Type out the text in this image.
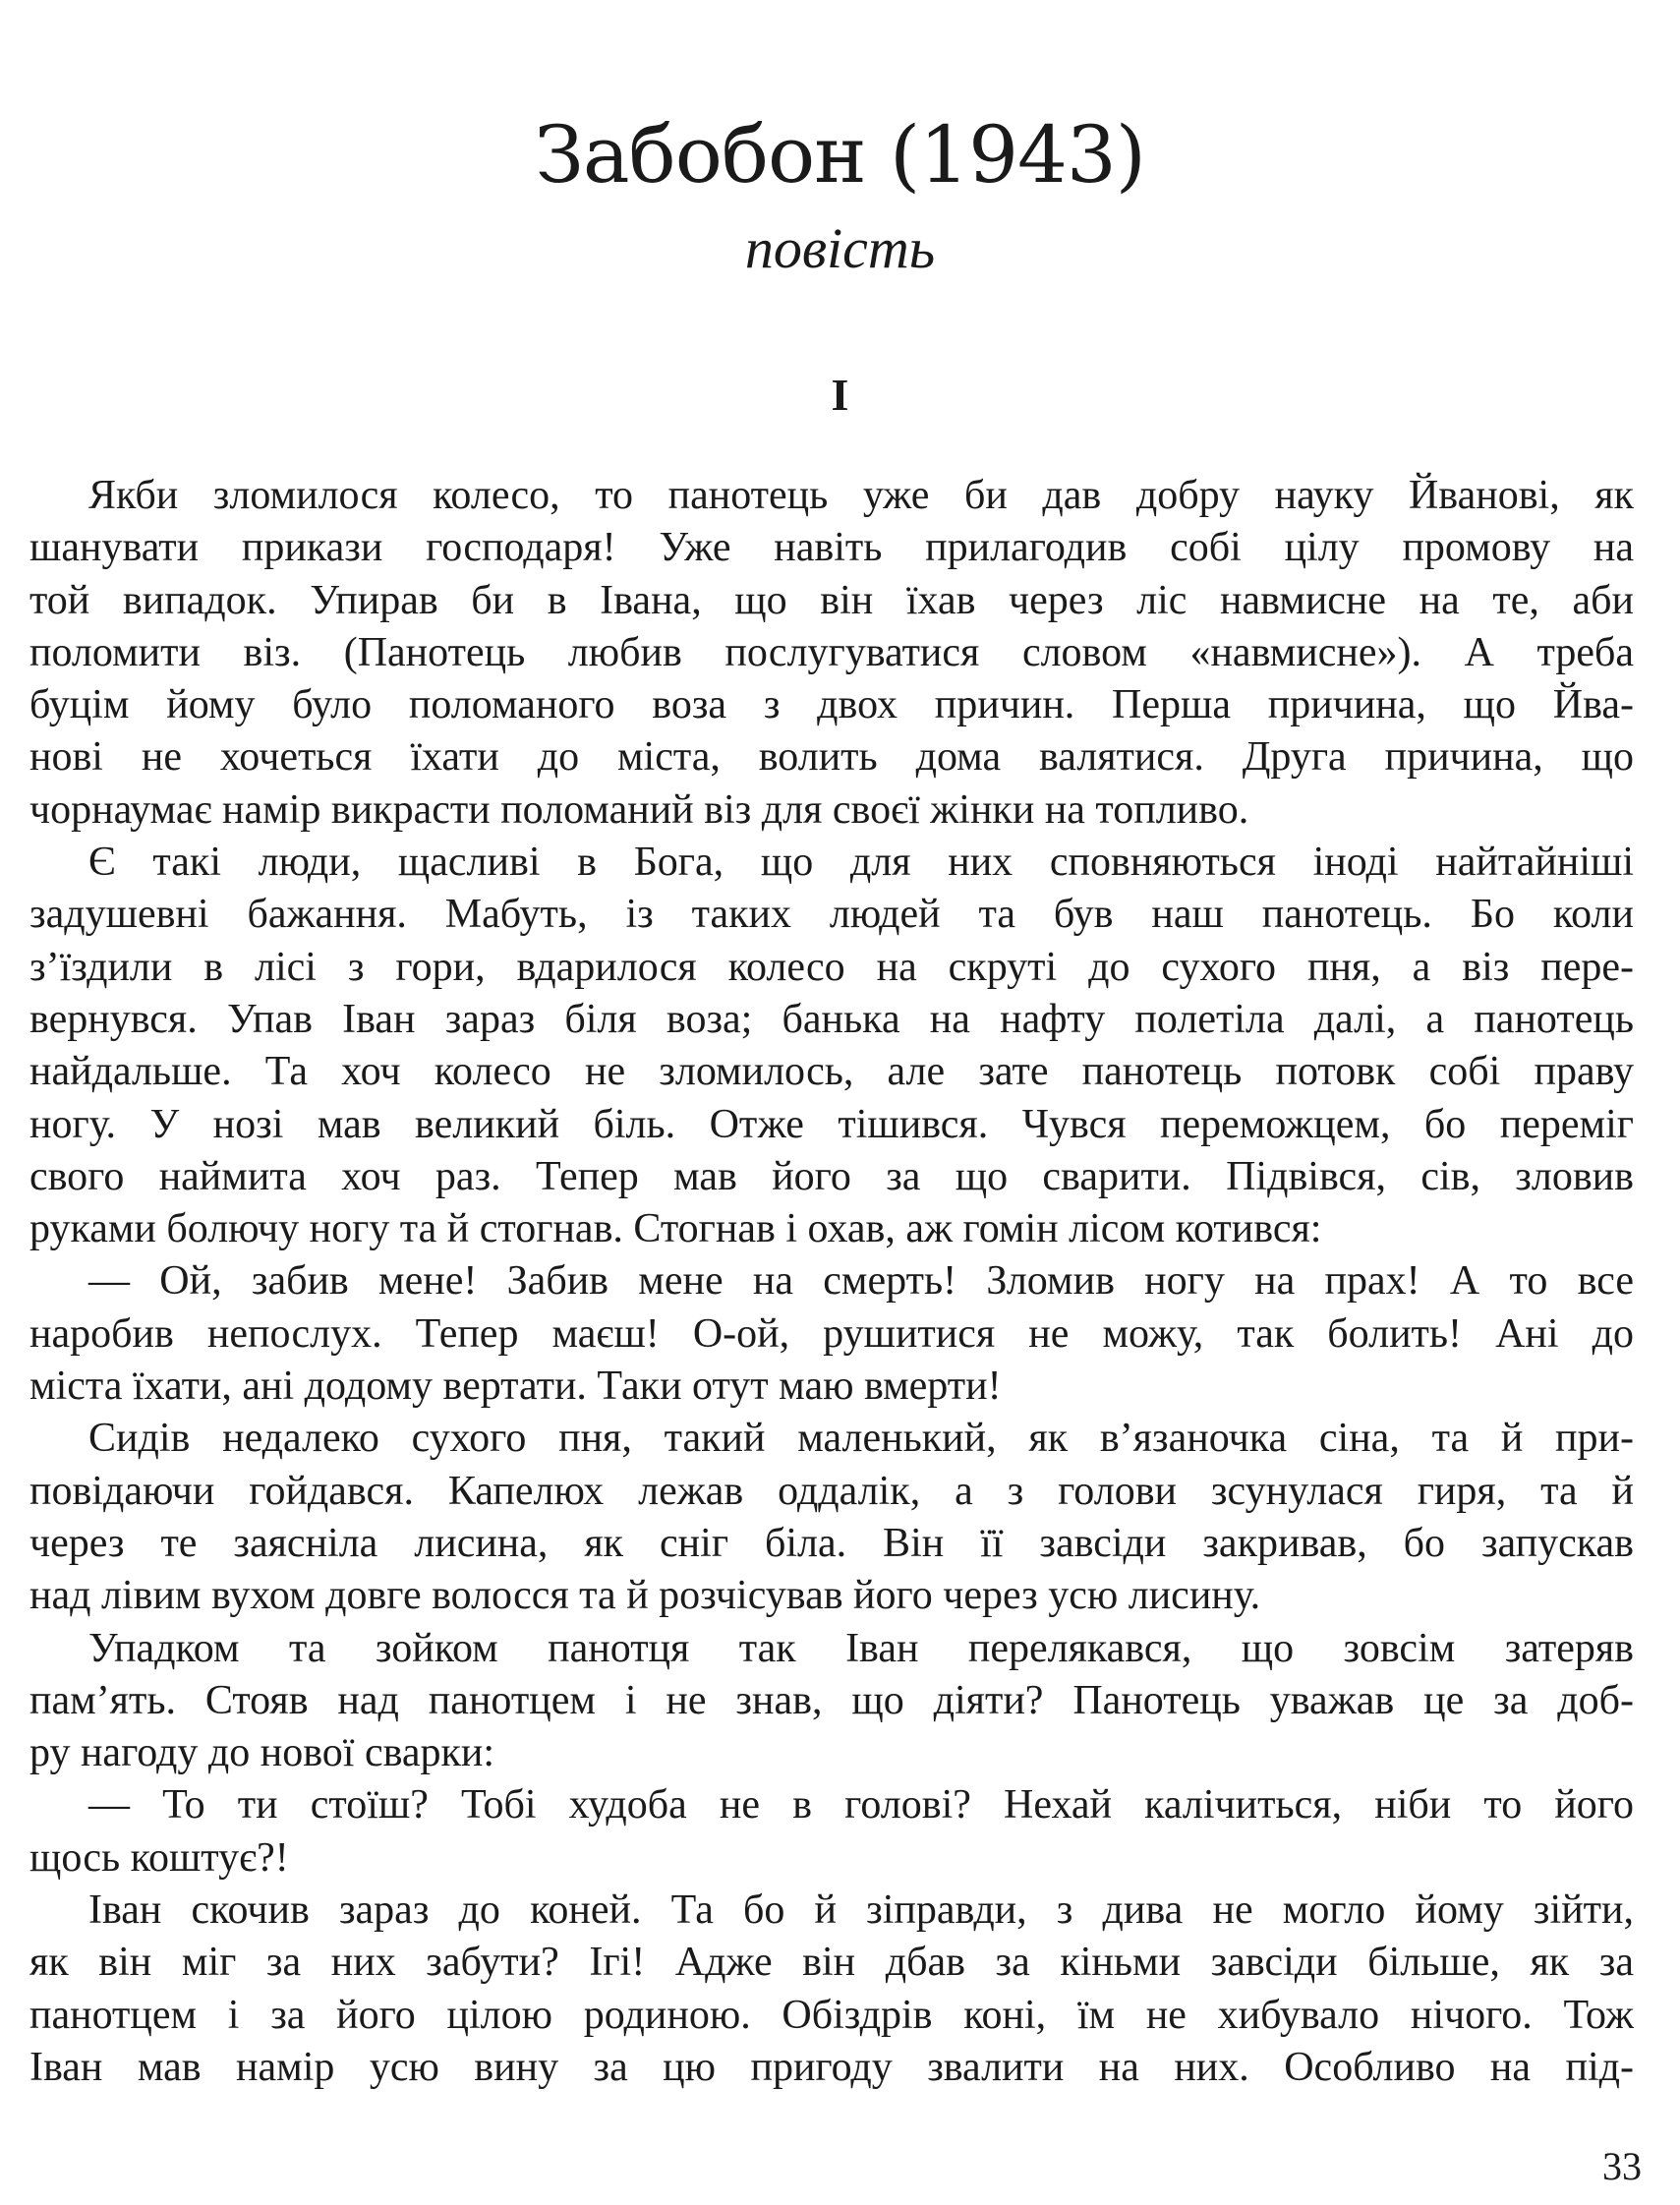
Забобон (1943)
повість
І
Якби зломилося колесо, то панотець уже би дав добру науку Йванові, як
шанувати прикази господаря! Уже навіть прилагодив собі цілу промову на
той випадок. Упирав би в Івана, що він їхав через ліс навмисне на те, аби
поломити віз. (Панотець любив послугуватися словом «навмисне»). А треба
буцім йому було поломаного воза з двох причин. Перша причина, що Йва-
нові не хочеться їхати до міста, волить дома валятися. Друга причина, що
чорнаумає намір викрасти поломаний віз для своєї жінки на топливо.
Є такі люди, щасливі в Бога, що для них сповняються іноді найтайніші
задушевні бажання. Мабуть, із таких людей та був наш панотець. Бо коли
з’їздили в лісі з гори, вдарилося колесо на скруті до сухого пня, а віз пере-
вернувся. Упав Іван зараз біля воза; банька на нафту полетіла далі, а панотець
найдальше. Та хоч колесо не зломилось, але зате панотець потовк собі праву
ногу. У нозі мав великий біль. Отже тішився. Чувся переможцем, бо переміг
свого наймита хоч раз. Тепер мав його за що сварити. Підвівся, сів, зловив
руками болючу ногу та й стогнав. Стогнав і охав, аж гомін лісом котився:
— Ой, забив мене! Забив мене на смерть! Зломив ногу на прах! А то все
наробив непослух. Тепер маєш! О-ой, рушитися не можу, так болить! Ані до
міста їхати, ані додому вертати. Таки отут маю вмерти!
Сидів недалеко сухого пня, такий маленький, як в’язаночка сіна, та й при-
повідаючи гойдався. Капелюх лежав оддалік, а з голови зсунулася гиря, та й
через те заясніла лисина, як сніг біла. Він її завсіди закривав, бо запускав
над лівим вухом довге волосся та й розчісував його через усю лисину.
Упадком та зойком панотця так Іван перелякався, що зовсім затеряв
пам’ять. Стояв над панотцем і не знав, що діяти? Панотець уважав це за доб-
ру нагоду до нової сварки:
— То ти стоїш? Тобі худоба не в голові? Нехай калічиться, ніби то його
щось коштує?!
Іван скочив зараз до коней. Та бо й зіправди, з дива не могло йому зійти,
як він міг за них забути? Ігі! Адже він дбав за кіньми завсіди більше, як за
панотцем і за його цілою родиною. Обіздрів коні, їм не хибувало нічого. Тож
Іван мав намір усю вину за цю пригоду звалити на них. Особливо на під-
33
